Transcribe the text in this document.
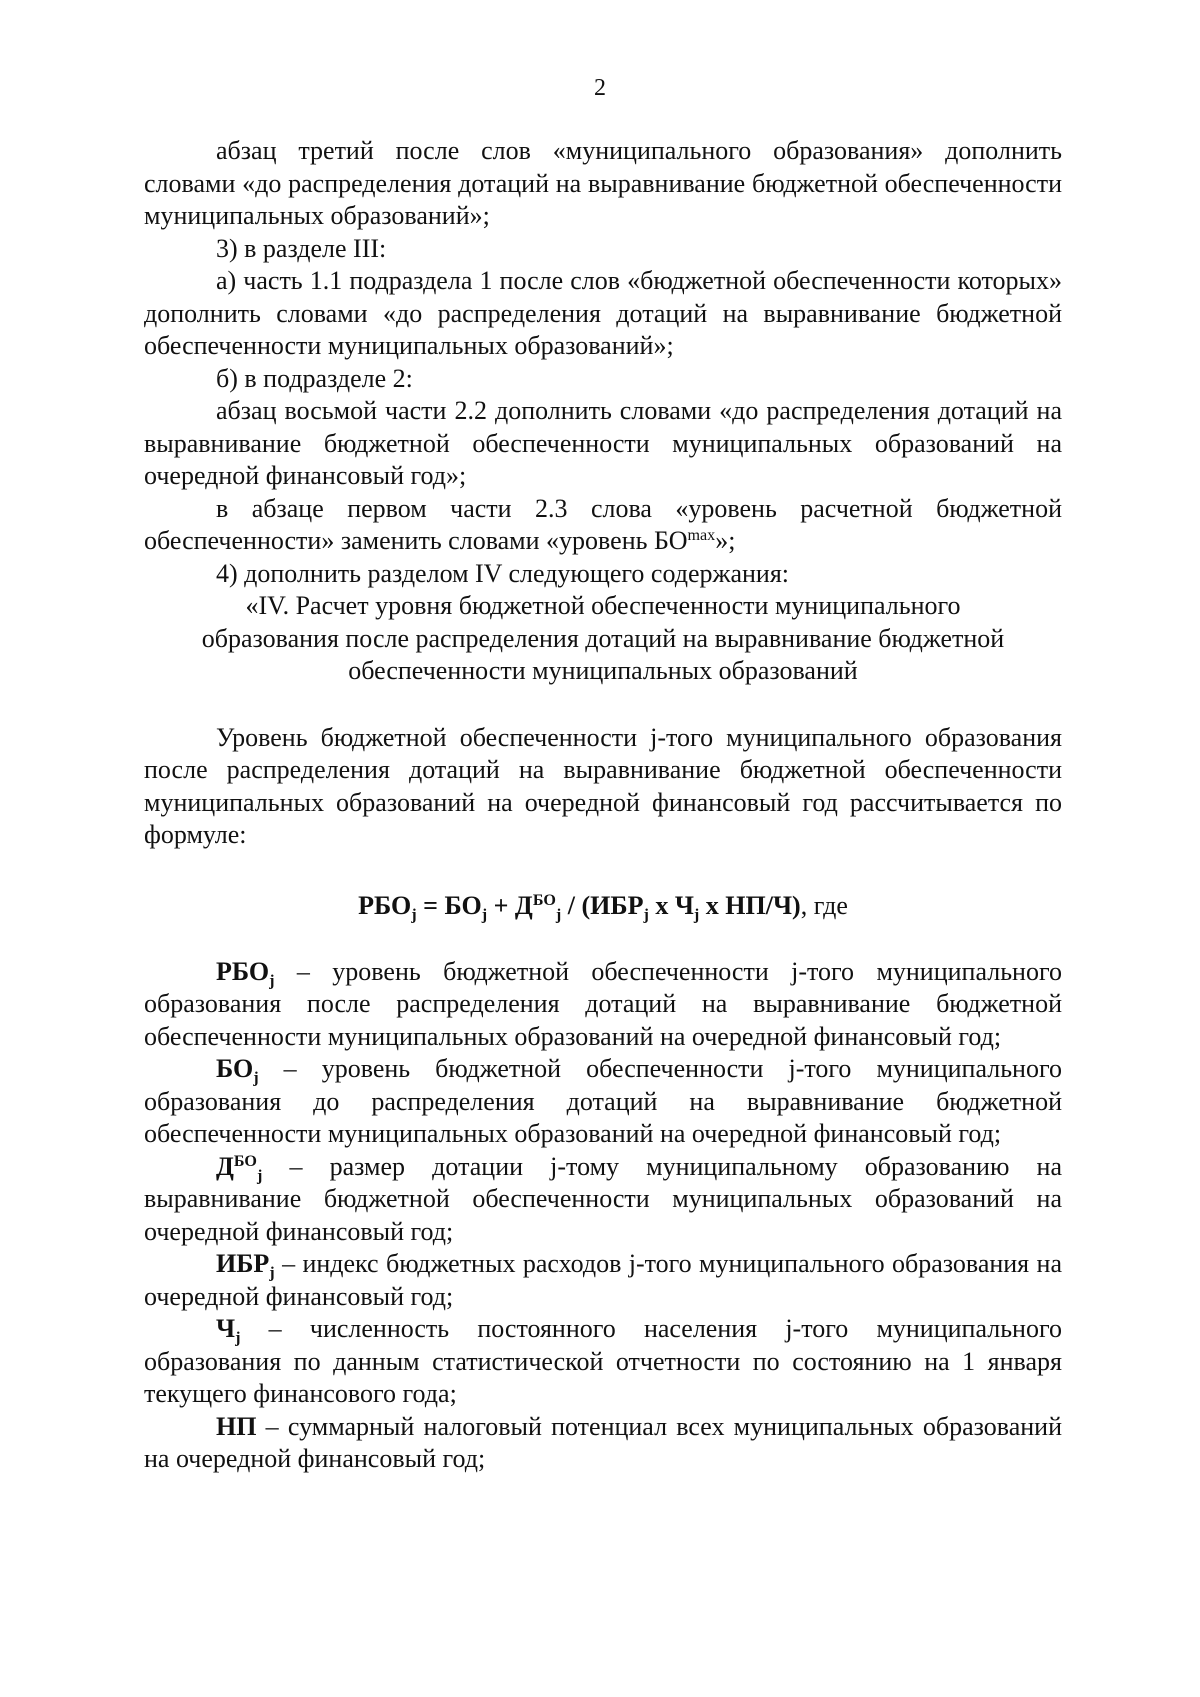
2

абзац третий после слов «муниципального образования» дополнить словами «до распределения дотаций на выравнивание бюджетной обеспеченности муниципальных образований»;

3) в разделе III:

а) часть 1.1 подраздела 1 после слов «бюджетной обеспеченности которых» дополнить словами «до распределения дотаций на выравнивание бюджетной обеспеченности муниципальных образований»;

б) в подразделе 2:

абзац восьмой части 2.2 дополнить словами «до распределения дотаций на выравнивание бюджетной обеспеченности муниципальных образований на очередной финансовый год»;

в абзаце первом части 2.3 слова «уровень расчетной бюджетной обеспеченности» заменить словами «уровень $БО^{max}$»;

4) дополнить разделом IV следующего содержания:

«IV. Расчет уровня бюджетной обеспеченности муниципального

образования после распределения дотаций на выравнивание бюджетной

обеспеченности муниципальных образований

Уровень бюджетной обеспеченности j-того муниципального образования после распределения дотаций на выравнивание бюджетной обеспеченности муниципальных образований на очередной финансовый год рассчитывается по формуле:

$РБО_j = БО_j + Д^{БО}_j / (ИБР_j$ х $Ч_j$ х НП/Ч), где

$РБО_j$ – уровень бюджетной обеспеченности j-того муниципального образования после распределения дотаций на выравнивание бюджетной обеспеченности муниципальных образований на очередной финансовый год;

$БО_j$ – уровень бюджетной обеспеченности j-того муниципального образования до распределения дотаций на выравнивание бюджетной обеспеченности муниципальных образований на очередной финансовый год;

$Д^{БО}_j$ – размер дотации j-тому муниципальному образованию на выравнивание бюджетной обеспеченности муниципальных образований на очередной финансовый год;

$ИБР_j$ – индекс бюджетных расходов j-того муниципального образования на очередной финансовый год;

$Ч_j$ – численность постоянного населения j-того муниципального образования по данным статистической отчетности по состоянию на 1 января текущего финансового года;

НП – суммарный налоговый потенциал всех муниципальных образований на очередной финансовый год;
